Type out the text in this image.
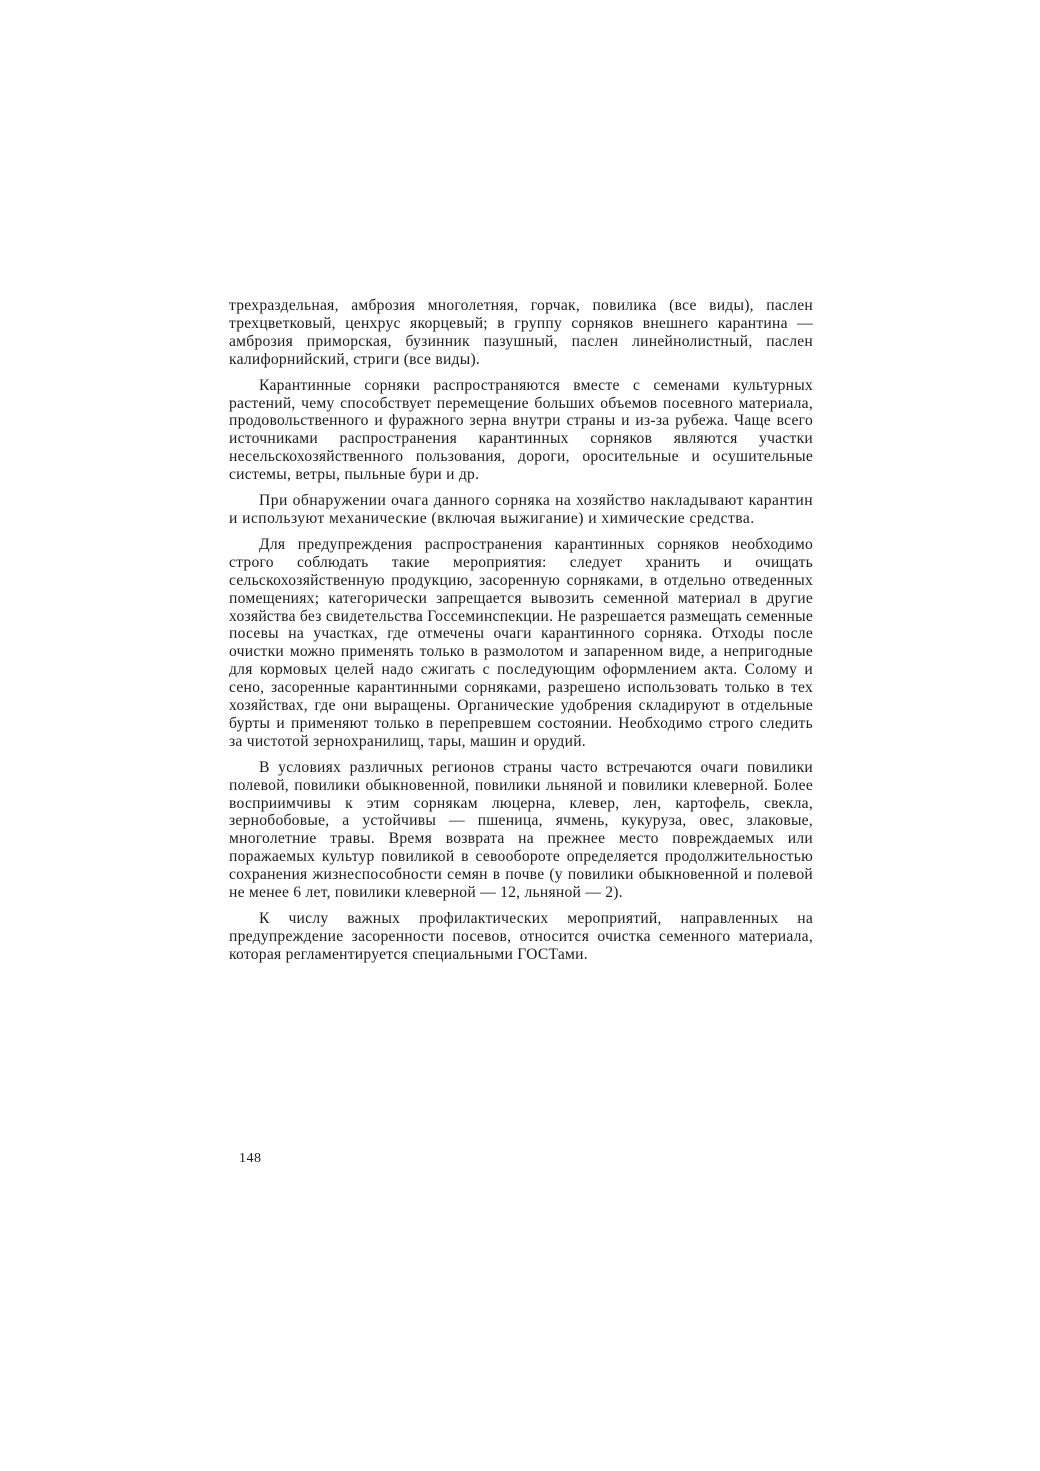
трехраздельная, амброзия многолетняя, горчак, повилика (все виды), паслен трехцветковый, ценхрус якорцевый; в группу сорняков внешнего карантина — амброзия приморская, бузинник пазушный, паслен линейнолистный, паслен калифорнийский, стриги (все виды).

Карантинные сорняки распространяются вместе с семенами культурных растений, чему способствует перемещение больших объемов посевного материала, продовольственного и фуражного зерна внутри страны и из-за рубежа. Чаще всего источниками распространения карантинных сорняков являются участки несельскохозяйственного пользования, дороги, оросительные и осушительные системы, ветры, пыльные бури и др.

При обнаружении очага данного сорняка на хозяйство накладывают карантин и используют механические (включая выжигание) и химические средства.

Для предупреждения распространения карантинных сорняков необходимо строго соблюдать такие мероприятия: следует хранить и очищать сельскохозяйственную продукцию, засоренную сорняками, в отдельно отведенных помещениях; категорически запрещается вывозить семенной материал в другие хозяйства без свидетельства Госсеминспекции. Не разрешается размещать семенные посевы на участках, где отмечены очаги карантинного сорняка. Отходы после очистки можно применять только в размолотом и запаренном виде, а непригодные для кормовых целей надо сжигать с последующим оформлением акта. Солому и сено, засоренные карантинными сорняками, разрешено использовать только в тех хозяйствах, где они выращены. Органические удобрения складируют в отдельные бурты и применяют только в перепревшем состоянии. Необходимо строго следить за чистотой зернохранилищ, тары, машин и орудий.

В условиях различных регионов страны часто встречаются очаги повилики полевой, повилики обыкновенной, повилики льняной и повилики клеверной. Более восприимчивы к этим сорнякам люцерна, клевер, лен, картофель, свекла, зернобобовые, а устойчивы — пшеница, ячмень, кукуруза, овес, злаковые, многолетние травы. Время возврата на прежнее место повреждаемых или поражаемых культур повиликой в севообороте определяется продолжительностью сохранения жизнеспособности семян в почве (у повилики обыкновенной и полевой не менее 6 лет, повилики клеверной — 12, льняной — 2).

К числу важных профилактических мероприятий, направленных на предупреждение засоренности посевов, относится очистка семенного материала, которая регламентируется специальными ГОСТами.

148
